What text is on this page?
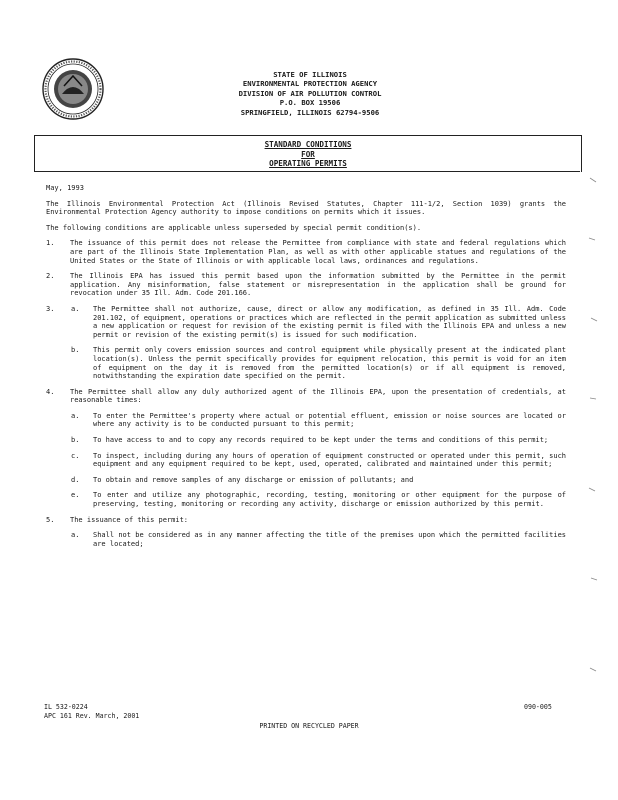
STATE OF ILLINOIS
ENVIRONMENTAL PROTECTION AGENCY
DIVISION OF AIR POLLUTION CONTROL
P.O. BOX 19506
SPRINGFIELD, ILLINOIS 62794-9506
STANDARD CONDITIONS
FOR
OPERATING PERMITS

May, 1993

The Illinois Environmental Protection Act (Illinois Revised Statutes, Chapter 111-1/2, Section 1039) grants the Environmental Protection Agency authority to impose conditions on permits which it issues.

The following conditions are applicable unless superseded by special permit condition(s).

1. The issuance of this permit does not release the Permittee from compliance with state and federal regulations which are part of the Illinois State Implementation Plan, as well as with other applicable statues and regulations of the United States or the State of Illinois or with applicable local laws, ordinances and regulations.
2. The Illinois EPA has issued this permit based upon the information submitted by the Permittee in the permit application. Any misinformation, false statement or misrepresentation in the application shall be ground for revocation under 35 Ill. Adm. Code 201.166.
3. a. The Permittee shall not authorize, cause, direct or allow any modification, as defined in 35 Ill. Adm. Code 201.102, of equipment, operations or practices which are reflected in the permit application as submitted unless a new application or request for revision of the existing permit is filed with the Illinois EPA and unless a new permit or revision of the existing permit(s) is issued for such modification.
b. This permit only covers emission sources and control equipment while physically present at the indicated plant location(s). Unless the permit specifically provides for equipment relocation, this permit is void for an item of equipment on the day it is removed from the permitted location(s) or if all equipment is removed, notwithstanding the expiration date specified on the permit.
4. The Permittee shall allow any duly authorized agent of the Illinois EPA, upon the presentation of credentials, at reasonable times:
a. To enter the Permittee's property where actual or potential effluent, emission or noise sources are located or where any activity is to be conducted pursuant to this permit;
b. To have access to and to copy any records required to be kept under the terms and conditions of this permit;
c. To inspect, including during any hours of operation of equipment constructed or operated under this permit, such equipment and any equipment required to be kept, used, operated, calibrated and maintained under this permit;
d. To obtain and remove samples of any discharge or emission of pollutants; and
e. To enter and utilize any photographic, recording, testing, monitoring or other equipment for the purpose of preserving, testing, monitoring or recording any activity, discharge or emission authorized by this permit.
5. The issuance of this permit:
a. Shall not be considered as in any manner affecting the title of the premises upon which the permitted facilities are located;
IL 532-0224
APC 161 Rev. March, 2001
090-005
PRINTED ON RECYCLED PAPER
